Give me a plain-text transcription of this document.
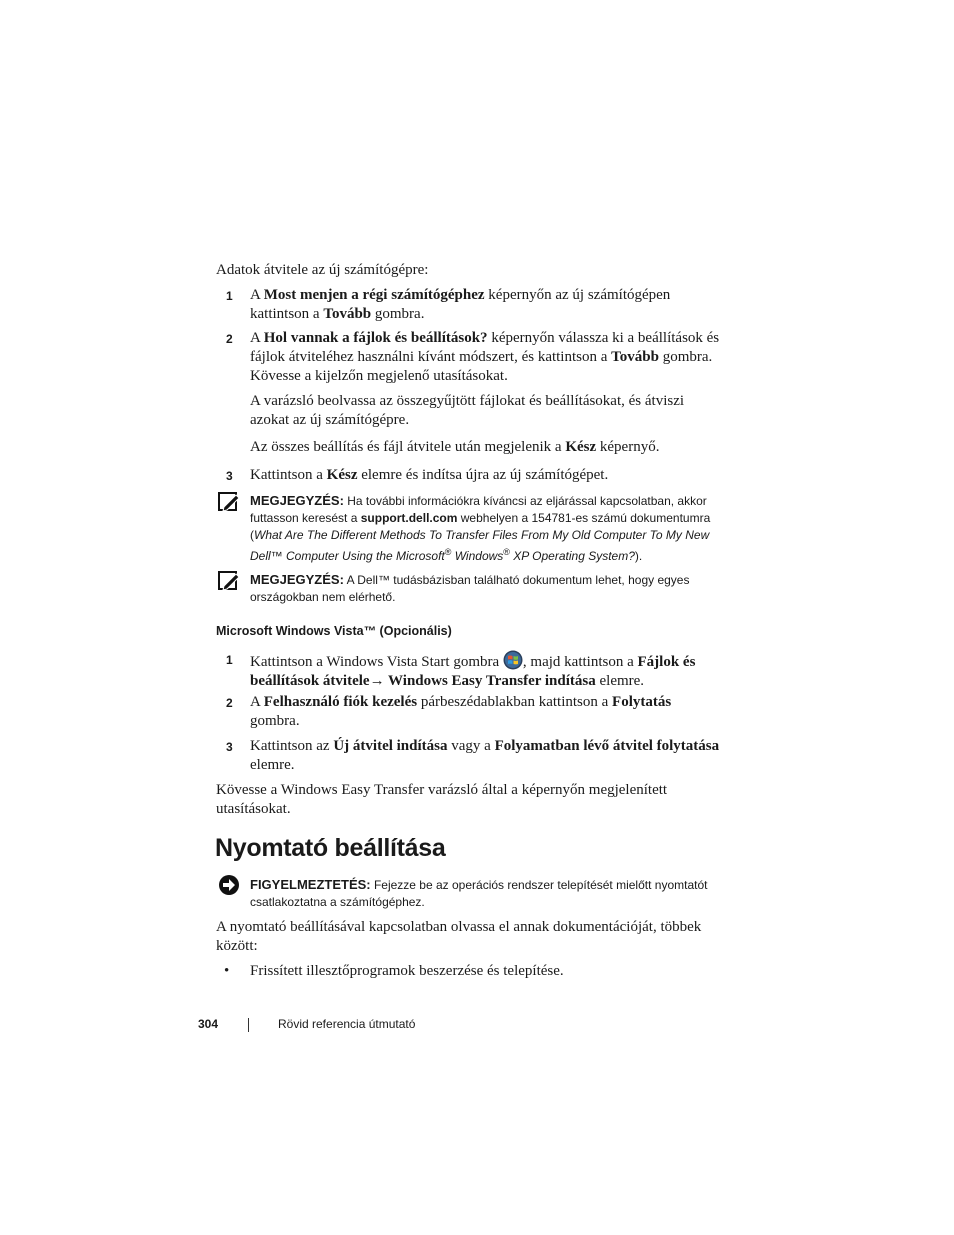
Adatok átvitele az új számítógépre:
1 A Most menjen a régi számítógéphez képernyőn az új számítógépen kattintson a Tovább gombra.
2 A Hol vannak a fájlok és beállítások? képernyőn válassza ki a beállítások és fájlok átviteléhez használni kívánt módszert, és kattintson a Tovább gombra. Kövesse a kijelzőn megjelenő utasításokat.
A varázsló beolvassa az összegyűjtött fájlokat és beállításokat, és átviszi azokat az új számítógépre.
Az összes beállítás és fájl átvitele után megjelenik a Kész képernyő.
3 Kattintson a Kész elemre és indítsa újra az új számítógépet.
MEGJEGYZÉS: Ha további információkra kíváncsi az eljárással kapcsolatban, akkor futtasson keresést a support.dell.com webhelyen a 154781-es számú dokumentumra (What Are The Different Methods To Transfer Files From My Old Computer To My New Dell™ Computer Using the Microsoft® Windows® XP Operating System?).
MEGJEGYZÉS: A Dell™ tudásbázisban található dokumentum lehet, hogy egyes országokban nem elérhető.
Microsoft Windows Vista™ (Opcionális)
1 Kattintson a Windows Vista Start gombra , majd kattintson a Fájlok és beállítások átvitele→ Windows Easy Transfer indítása elemre.
2 A Felhasználó fiók kezelés párbeszédablakban kattintson a Folytatás gombra.
3 Kattintson az Új átvitel indítása vagy a Folyamatban lévő átvitel folytatása elemre.
Kövesse a Windows Easy Transfer varázsló által a képernyőn megjelenített utasításokat.
Nyomtató beállítása
FIGYELMEZTETÉS: Fejezze be az operációs rendszer telepítését mielőtt nyomtatót csatlakoztatna a számítógéphez.
A nyomtató beállításával kapcsolatban olvassa el annak dokumentációját, többek között:
• Frissített illesztőprogramok beszerzése és telepítése.
304	Rövid referencia útmutató
